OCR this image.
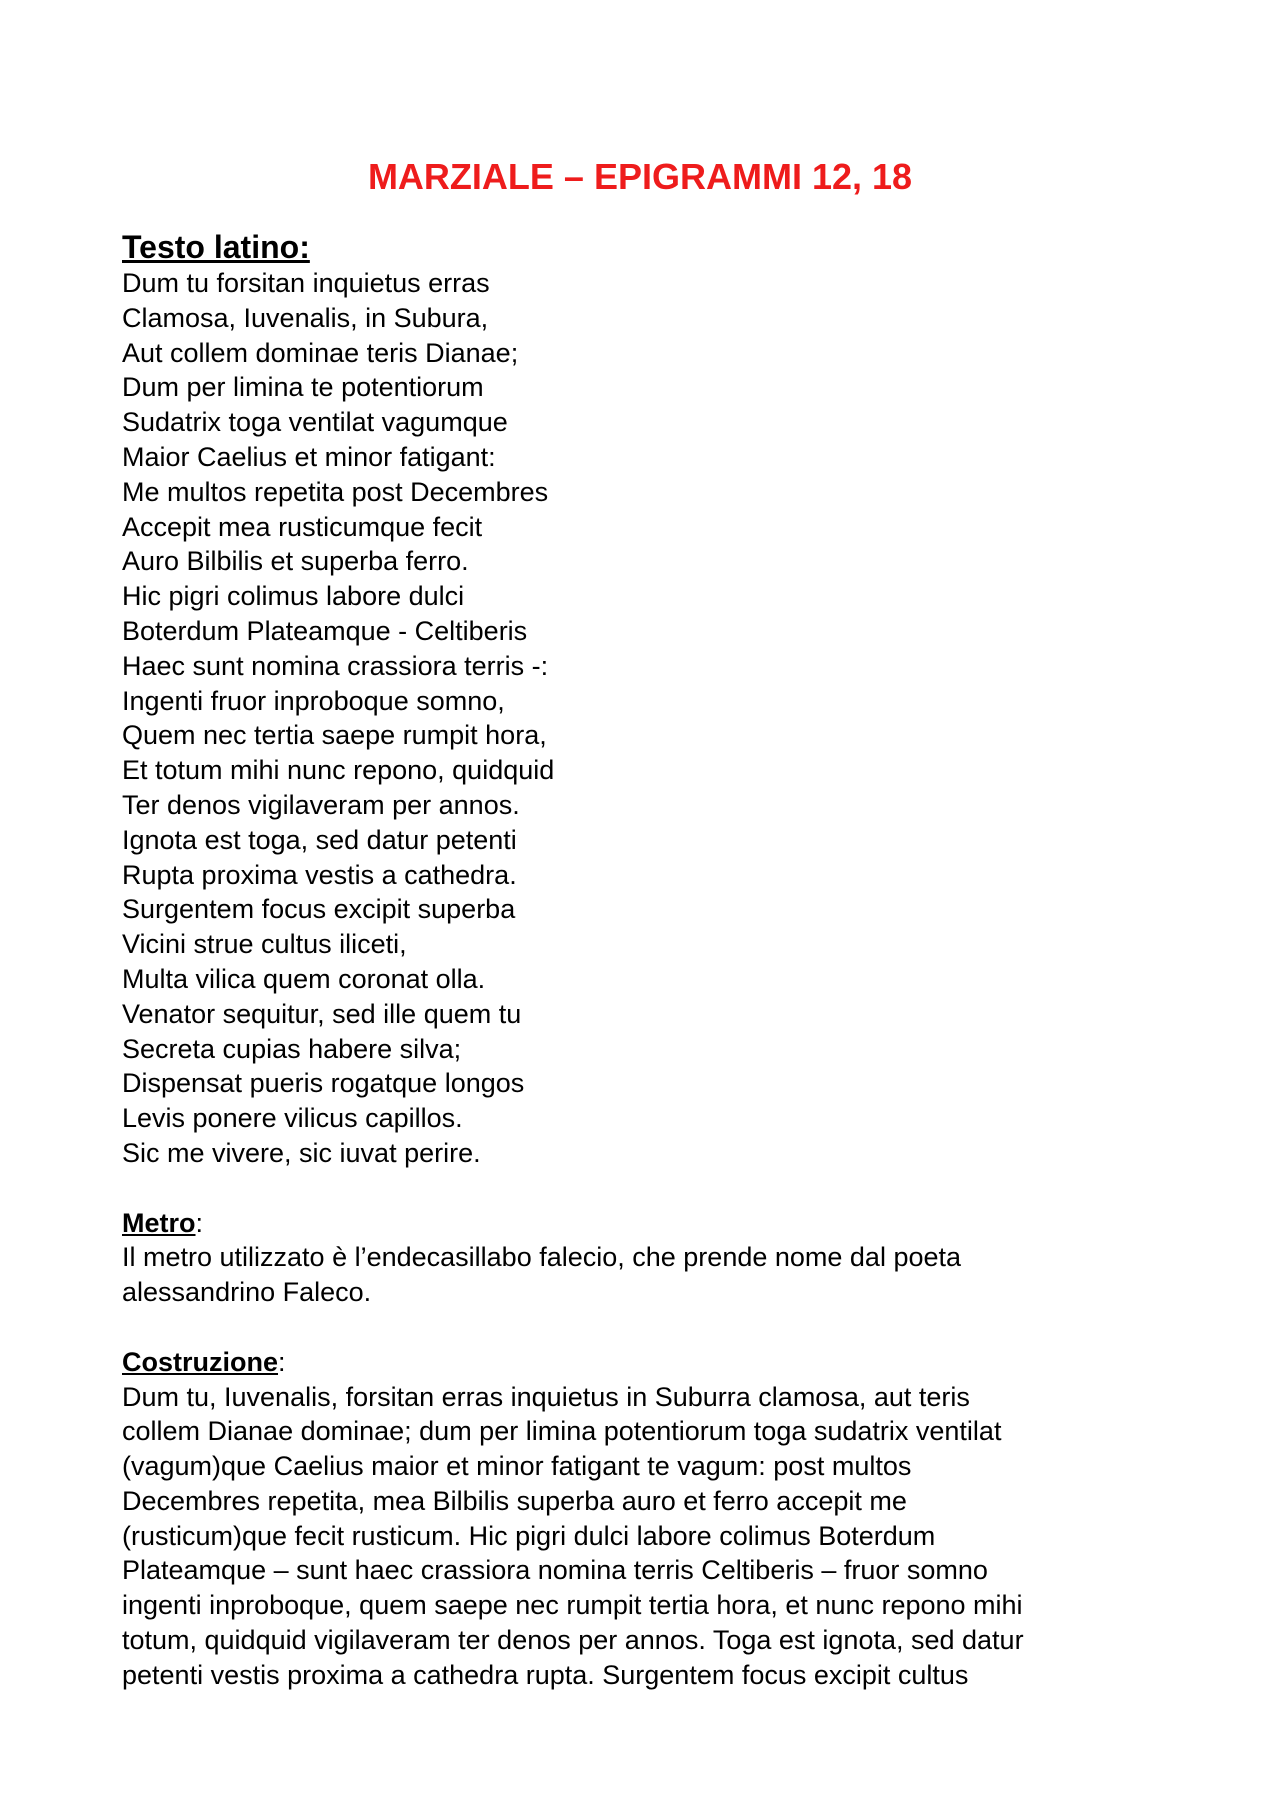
MARZIALE – EPIGRAMMI 12, 18
Testo latino:
Dum tu forsitan inquietus erras
Clamosa, Iuvenalis, in Subura,
Aut collem dominae teris Dianae;
Dum per limina te potentiorum
Sudatrix toga ventilat vagumque
Maior Caelius et minor fatigant:
Me multos repetita post Decembres
Accepit mea rusticumque fecit
Auro Bilbilis et superba ferro.
Hic pigri colimus labore dulci
Boterdum Plateamque - Celtiberis
Haec sunt nomina crassiora terris -:
Ingenti fruor inproboque somno,
Quem nec tertia saepe rumpit hora,
Et totum mihi nunc repono, quidquid
Ter denos vigilaveram per annos.
Ignota est toga, sed datur petenti
Rupta proxima vestis a cathedra.
Surgentem focus excipit superba
Vicini strue cultus iliceti,
Multa vilica quem coronat olla.
Venator sequitur, sed ille quem tu
Secreta cupias habere silva;
Dispensat pueris rogatque longos
Levis ponere vilicus capillos.
Sic me vivere, sic iuvat perire.
Metro:
Il metro utilizzato è l’endecasillabo falecio, che prende nome dal poeta
alessandrino Faleco.
Costruzione:
Dum tu, Iuvenalis, forsitan erras inquietus in Suburra clamosa, aut teris
collem Dianae dominae; dum per limina potentiorum toga sudatrix ventilat
(vagum)que Caelius maior et minor fatigant te vagum: post multos
Decembres repetita, mea Bilbilis superba auro et ferro accepit me
(rusticum)que fecit rusticum. Hic pigri dulci labore colimus Boterdum
Plateamque – sunt haec crassiora nomina terris Celtiberis – fruor somno
ingenti inproboque, quem saepe nec rumpit tertia hora, et nunc repono mihi
totum, quidquid vigilaveram ter denos per annos. Toga est ignota, sed datur
petenti vestis proxima a cathedra rupta. Surgentem focus excipit cultus
